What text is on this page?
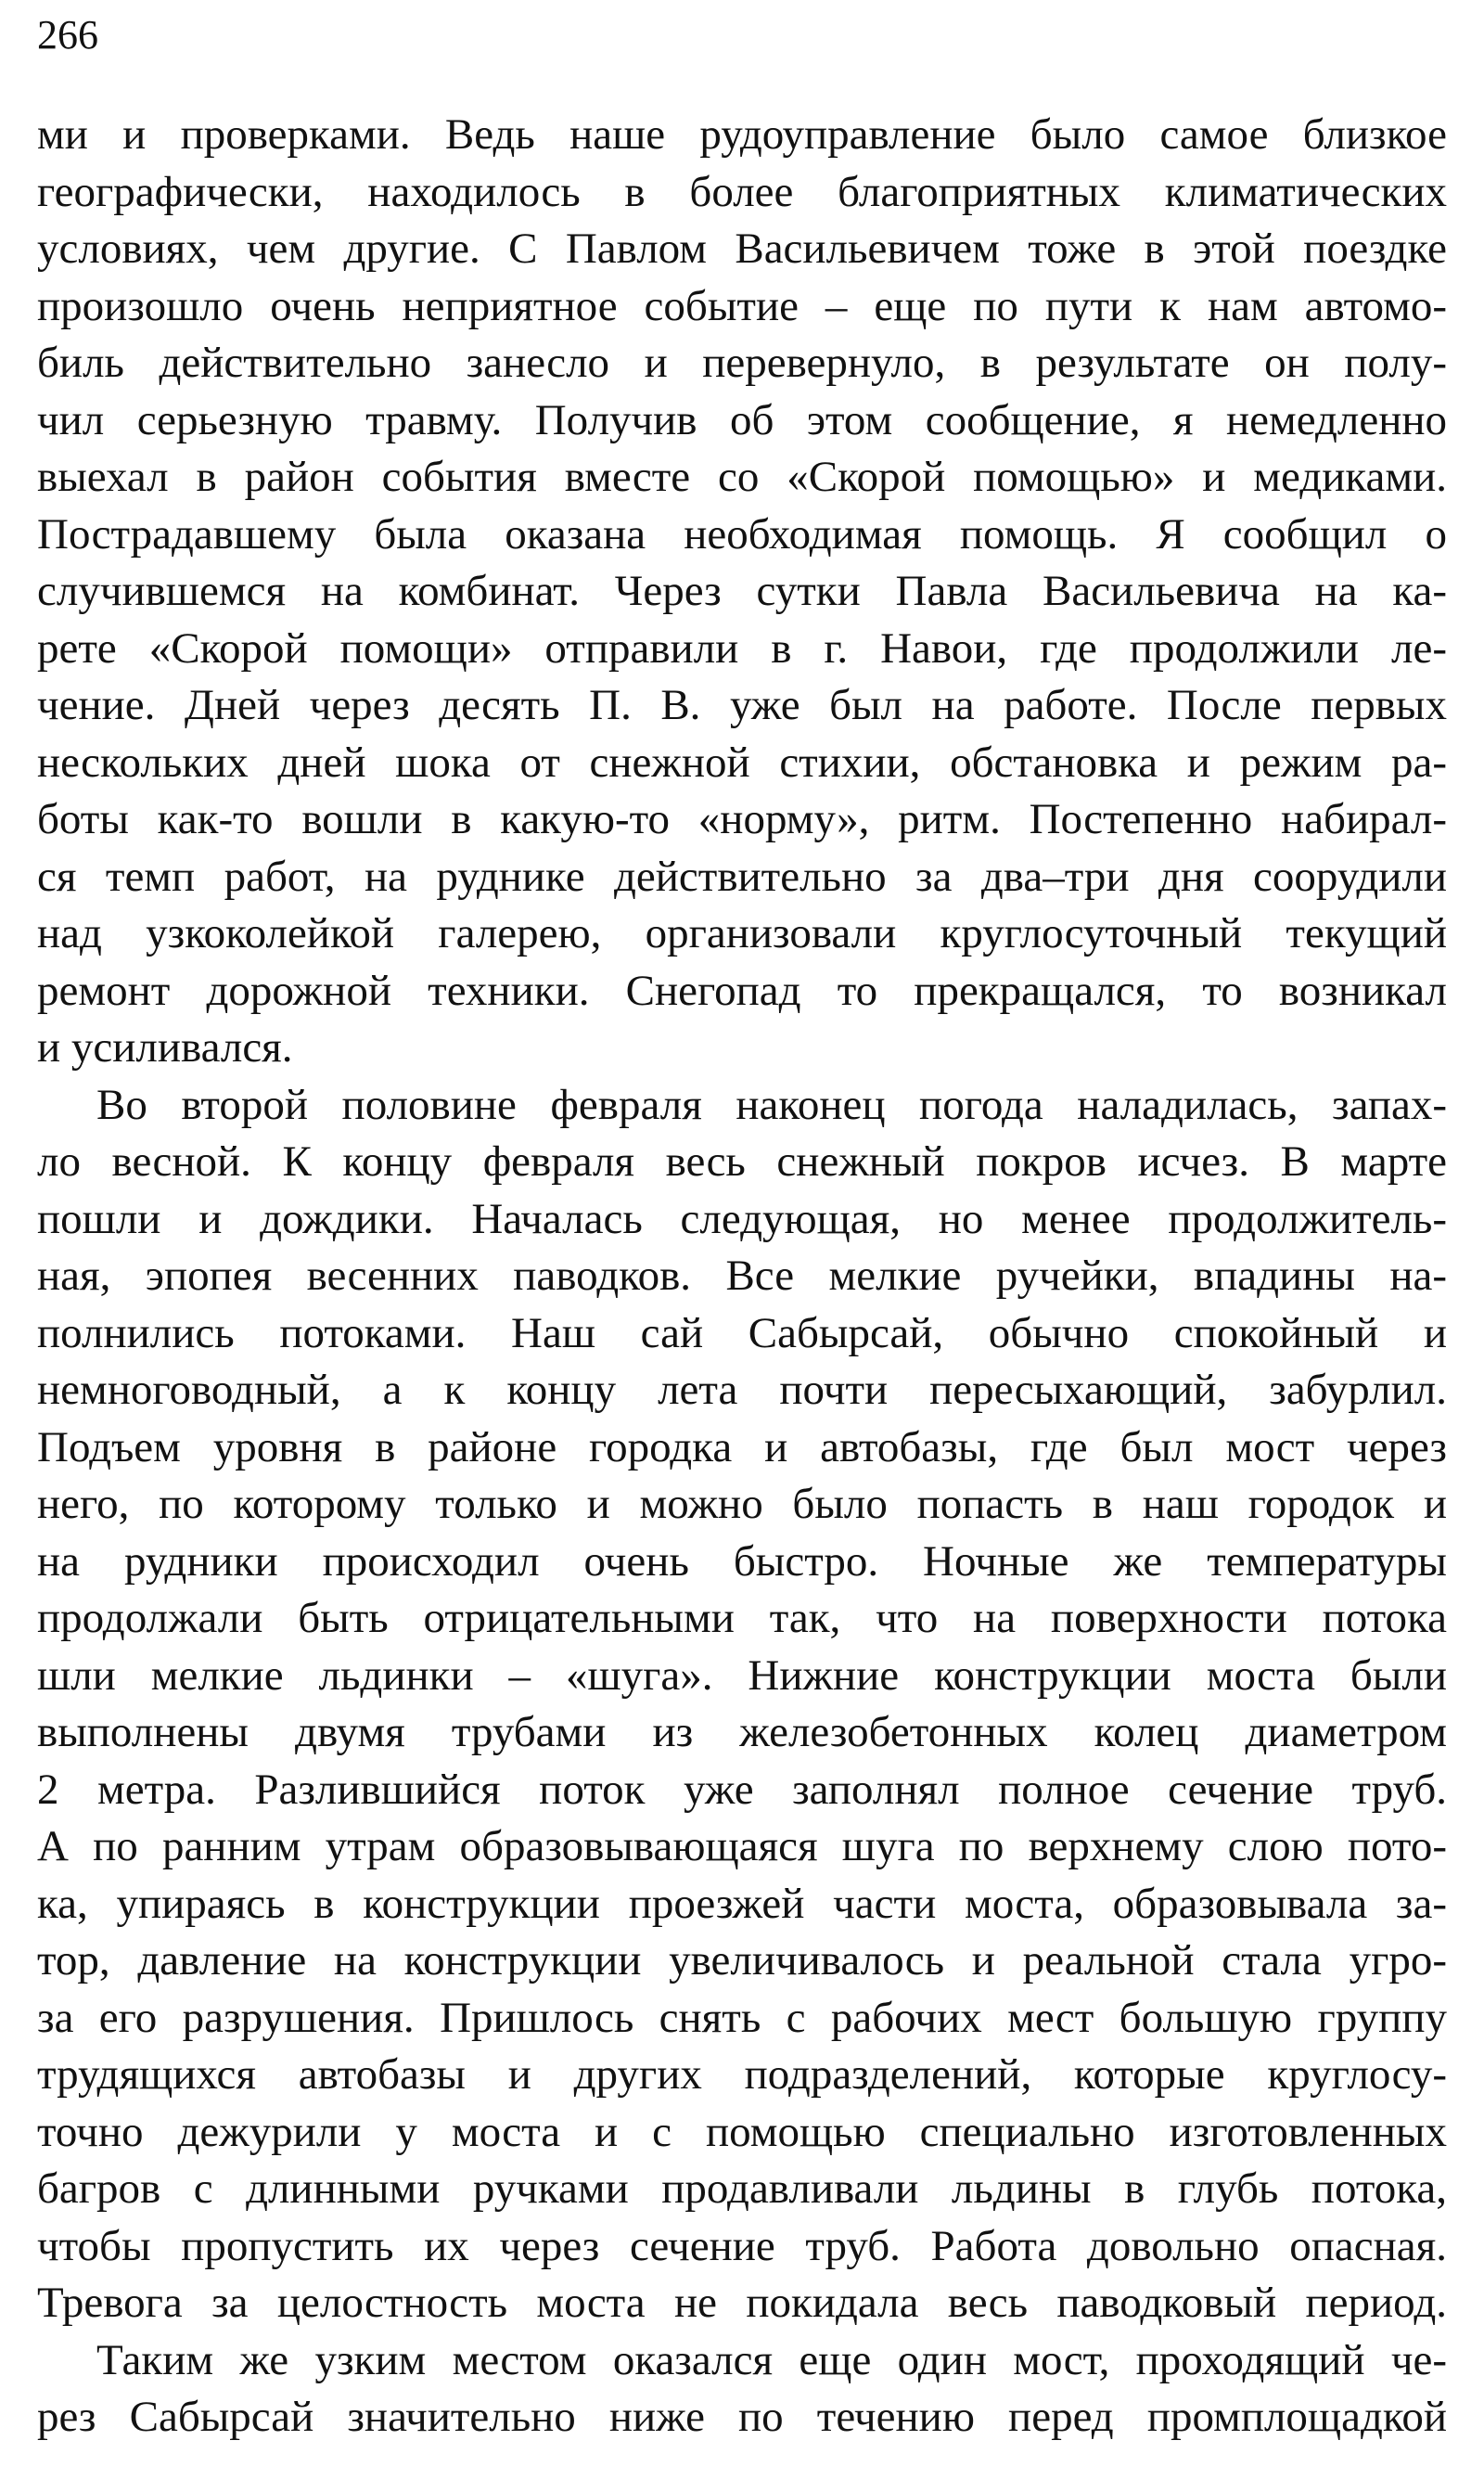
266
ми и проверками. Ведь наше рудоуправление было самое близкое
географически, находилось в более благоприятных климатических
условиях, чем другие. С Павлом Васильевичем тоже в этой поездке
произошло очень неприятное событие – еще по пути к нам автомо-
биль действительно занесло и перевернуло, в результате он полу-
чил серьезную травму. Получив об этом сообщение, я немедленно
выехал в район события вместе со «Скорой помощью» и медиками.
Пострадавшему была оказана необходимая помощь. Я сообщил о
случившемся на комбинат. Через сутки Павла Васильевича на ка-
рете «Скорой помощи» отправили в г. Навои, где продолжили ле-
чение. Дней через десять П. В. уже был на работе. После первых
нескольких дней шока от снежной стихии, обстановка и режим ра-
боты как-то вошли в какую-то «норму», ритм. Постепенно набирал-
ся темп работ, на руднике действительно за два–три дня соорудили
над узкоколейкой галерею, организовали круглосуточный текущий
ремонт дорожной техники. Снегопад то прекращался, то возникал
и усиливался.
Во второй половине февраля наконец погода наладилась, запах-
ло весной. К концу февраля весь снежный покров исчез. В марте
пошли и дождики. Началась следующая, но менее продолжитель-
ная, эпопея весенних паводков. Все мелкие ручейки, впадины на-
полнились потоками. Наш сай Сабырсай, обычно спокойный и
немноговодный, а к концу лета почти пересыхающий, забурлил.
Подъем уровня в районе городка и автобазы, где был мост через
него, по которому только и можно было попасть в наш городок и
на рудники происходил очень быстро. Ночные же температуры
продолжали быть отрицательными так, что на поверхности потока
шли мелкие льдинки – «шуга». Нижние конструкции моста были
выполнены двумя трубами из железобетонных колец диаметром
2 метра. Разлившийся поток уже заполнял полное сечение труб.
А по ранним утрам образовывающаяся шуга по верхнему слою пото-
ка, упираясь в конструкции проезжей части моста, образовывала за-
тор, давление на конструкции увеличивалось и реальной стала угро-
за его разрушения. Пришлось снять с рабочих мест большую группу
трудящихся автобазы и других подразделений, которые круглосу-
точно дежурили у моста и с помощью специально изготовленных
багров с длинными ручками продавливали льдины в глубь потока,
чтобы пропустить их через сечение труб. Работа довольно опасная.
Тревога за целостность моста не покидала весь паводковый период.
Таким же узким местом оказался еще один мост, проходящий че-
рез Сабырсай значительно ниже по течению перед промплощадкой
